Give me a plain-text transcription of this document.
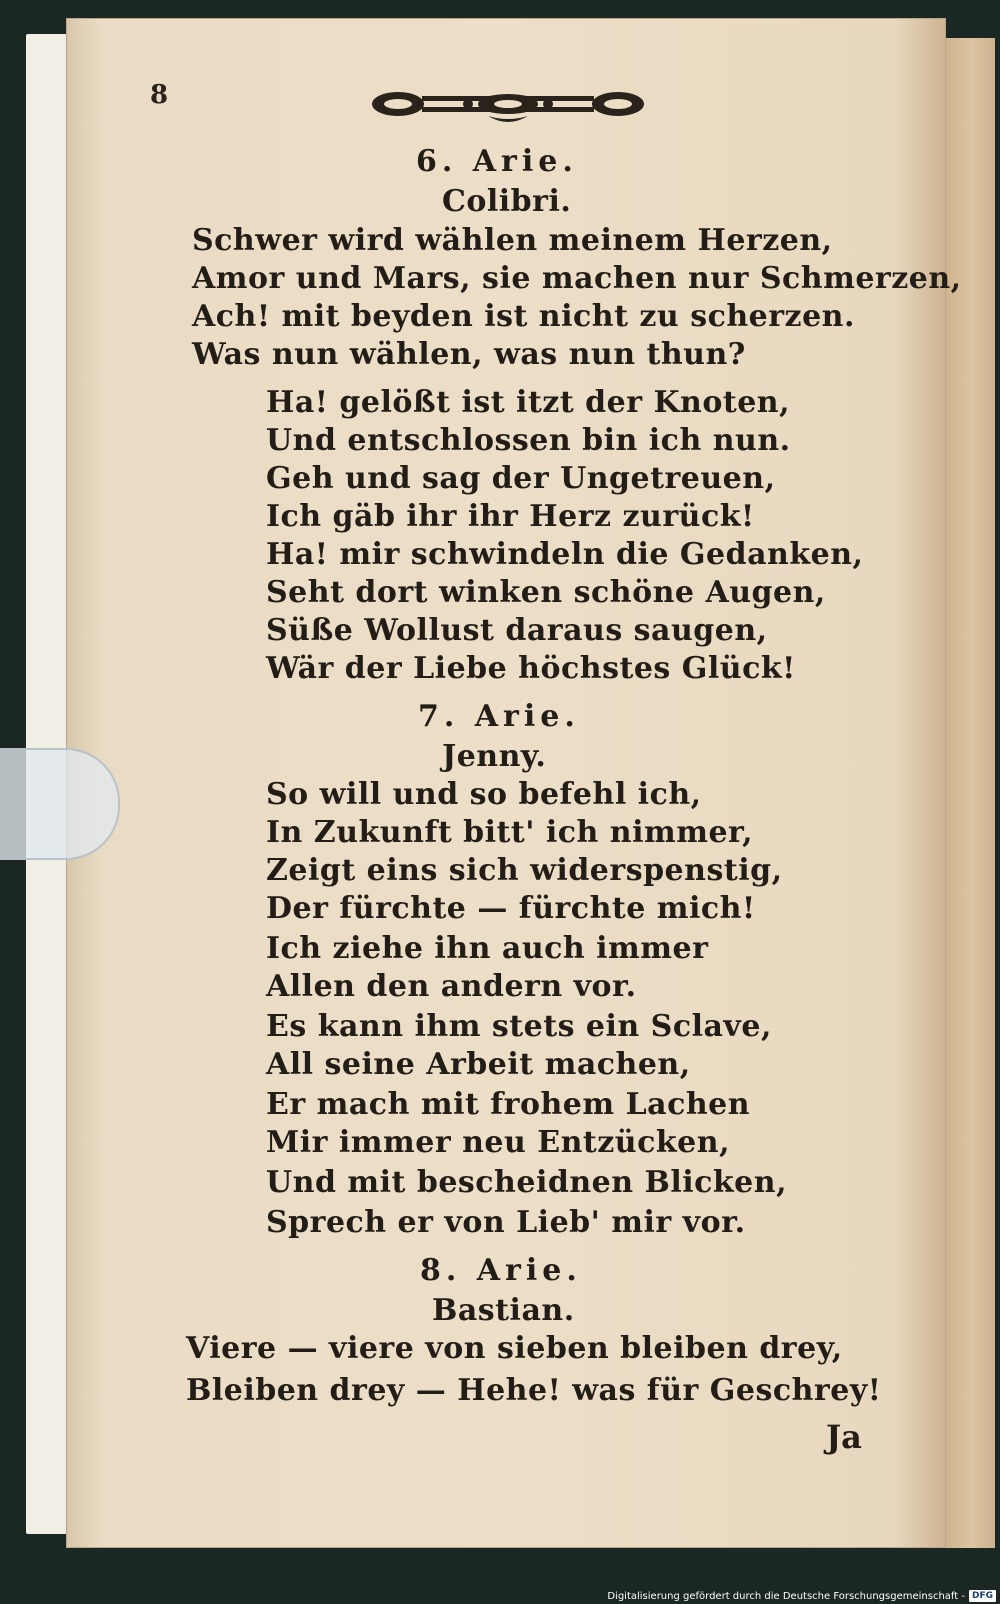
8
6. Arie.
Colibri.
Schwer wird wählen meinem Herzen,
Amor und Mars, sie machen nur Schmerzen,
Ach! mit beyden ist nicht zu scherzen.
Was nun wählen, was nun thun?
Ha! gelößt ist itzt der Knoten,
Und entschlossen bin ich nun.
Geh und sag der Ungetreuen,
Ich gäb ihr ihr Herz zurück!
Ha! mir schwindeln die Gedanken,
Seht dort winken schöne Augen,
Süße Wollust daraus saugen,
Wär der Liebe höchstes Glück!
7. Arie.
Jenny.
So will und so befehl ich,
In Zukunft bitt' ich nimmer,
Zeigt eins sich widerspenstig,
Der fürchte — fürchte mich!
Ich ziehe ihn auch immer
Allen den andern vor.
Es kann ihm stets ein Sclave,
All seine Arbeit machen,
Er mach mit frohem Lachen
Mir immer neu Entzücken,
Und mit bescheidnen Blicken,
Sprech er von Lieb' mir vor.
8. Arie.
Bastian.
Viere — viere von sieben bleiben drey,
Bleiben drey — Hehe! was für Geschrey!
Ja
Digitalisierung gefördert durch die Deutsche Forschungsgemeinschaft - DFG
